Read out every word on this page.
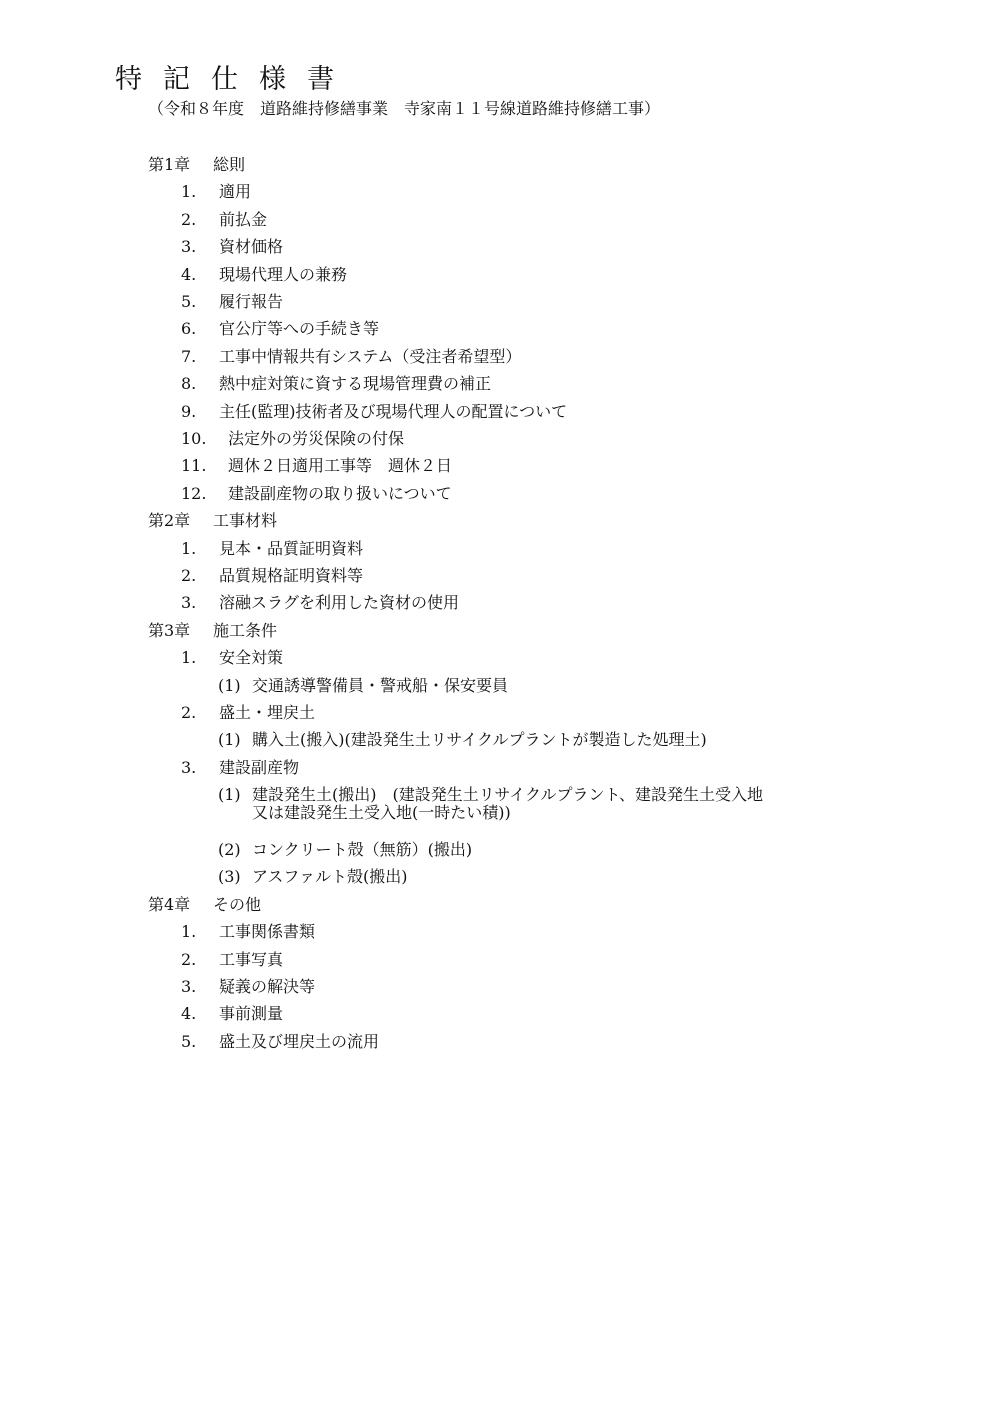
特記仕様書
（令和８年度　道路維持修繕事業　寺家南１１号線道路維持修繕工事）
第1章 総則
1. 適用
2. 前払金
3. 資材価格
4. 現場代理人の兼務
5. 履行報告
6. 官公庁等への手続き等
7. 工事中情報共有システム（受注者希望型）
8. 熱中症対策に資する現場管理費の補正
9. 主任(監理)技術者及び現場代理人の配置について
10. 法定外の労災保険の付保
11. 週休２日適用工事等　週休２日
12. 建設副産物の取り扱いについて
第2章 工事材料
1. 見本・品質証明資料
2. 品質規格証明資料等
3. 溶融スラグを利用した資材の使用
第3章 施工条件
1. 安全対策
(1) 交通誘導警備員・警戒船・保安要員
2. 盛土・埋戻土
(1) 購入土(搬入)(建設発生土リサイクルプラントが製造した処理土)
3. 建設副産物
(1) 建設発生土(搬出)　(建設発生土リサイクルプラント、建設発生土受入地
又は建設発生土受入地(一時たい積))
(2) コンクリート殻（無筋）(搬出)
(3) アスファルト殻(搬出)
第4章 その他
1. 工事関係書類
2. 工事写真
3. 疑義の解決等
4. 事前測量
5. 盛土及び埋戻土の流用
